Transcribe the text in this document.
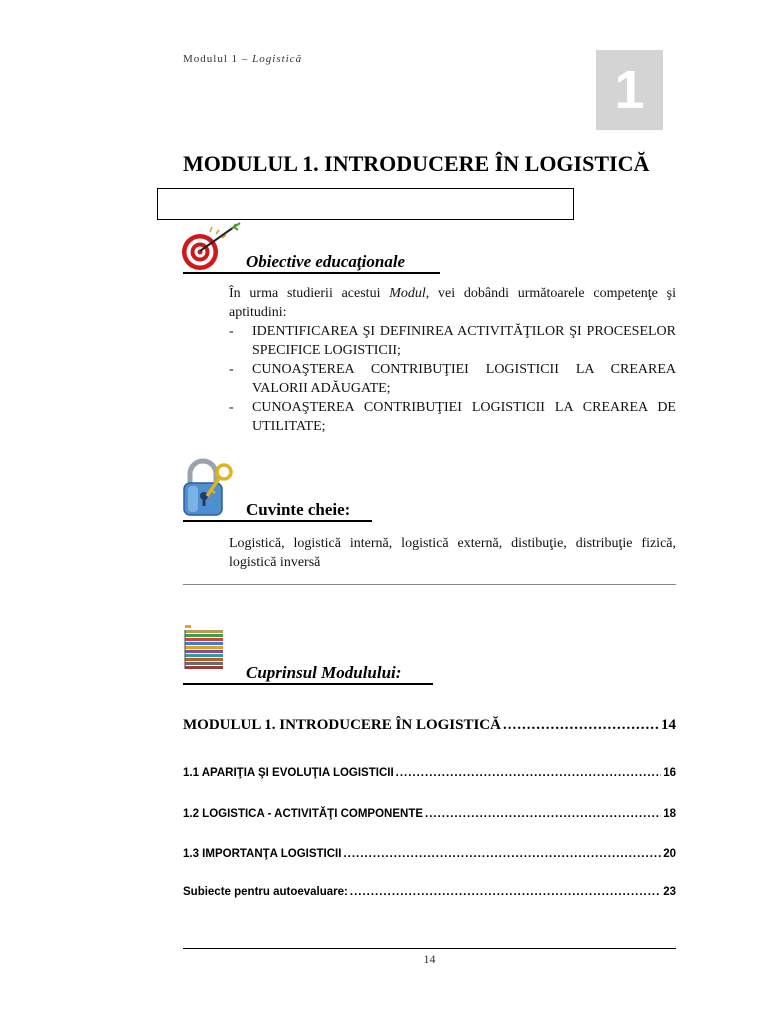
Modulul 1 – Logistică
1
MODULUL 1. INTRODUCERE ÎN LOGISTICĂ
Obiective educaţionale
În urma studierii acestui Modul, vei dobândi următoarele competenţe şi aptitudini:
- IDENTIFICAREA ŞI DEFINIREA ACTIVITĂŢILOR ŞI PROCESELOR SPECIFICE LOGISTICII;
- CUNOAŞTEREA CONTRIBUŢIEI LOGISTICII LA CREAREA VALORII ADĂUGATE;
- CUNOAŞTEREA CONTRIBUŢIEI LOGISTICII LA CREAREA DE UTILITATE;
Cuvinte cheie:
Logistică, logistică internă, logistică externă, distibuţie, distribuţie fizică, logistică inversă
Cuprinsul Modulului:
MODULUL 1. INTRODUCERE ÎN LOGISTICĂ .....	14
1.1 APARIŢIA ŞI EVOLUŢIA LOGISTICII .....	16
1.2 LOGISTICA - ACTIVITĂŢI COMPONENTE .....	18
1.3 IMPORTANŢA LOGISTICII .....	20
Subiecte pentru autoevaluare: .....	23
14
